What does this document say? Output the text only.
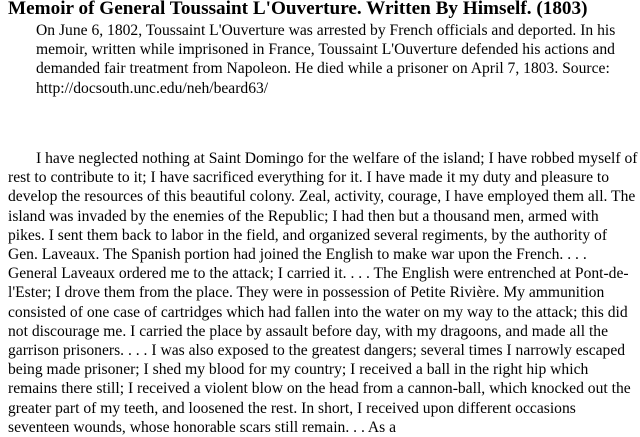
Memoir of General Toussaint L'Ouverture. Written By Himself. (1803)

On June 6, 1802, Toussaint L'Ouverture was arrested by French officials and deported. In his memoir, written while imprisoned in France, Toussaint L'Ouverture defended his actions and demanded fair treatment from Napoleon. He died while a prisoner on April 7, 1803. Source: http://docsouth.unc.edu/neh/beard63/

I have neglected nothing at Saint Domingo for the welfare of the island; I have robbed myself of rest to contribute to it; I have sacrificed everything for it. I have made it my duty and pleasure to develop the resources of this beautiful colony. Zeal, activity, courage, I have employed them all. The island was invaded by the enemies of the Republic; I had then but a thousand men, armed with pikes. I sent them back to labor in the field, and organized several regiments, by the authority of Gen. Laveaux. The Spanish portion had joined the English to make war upon the French. . . . General Laveaux ordered me to the attack; I carried it. . . . The English were entrenched at Pont-de-l'Ester; I drove them from the place. They were in possession of Petite Rivière. My ammunition consisted of one case of cartridges which had fallen into the water on my way to the attack; this did not discourage me. I carried the place by assault before day, with my dragoons, and made all the garrison prisoners. . . . I was also exposed to the greatest dangers; several times I narrowly escaped being made prisoner; I shed my blood for my country; I received a ball in the right hip which remains there still; I received a violent blow on the head from a cannon-ball, which knocked out the greater part of my teeth, and loosened the rest. In short, I received upon different occasions seventeen wounds, whose honorable scars still remain. . . As a
